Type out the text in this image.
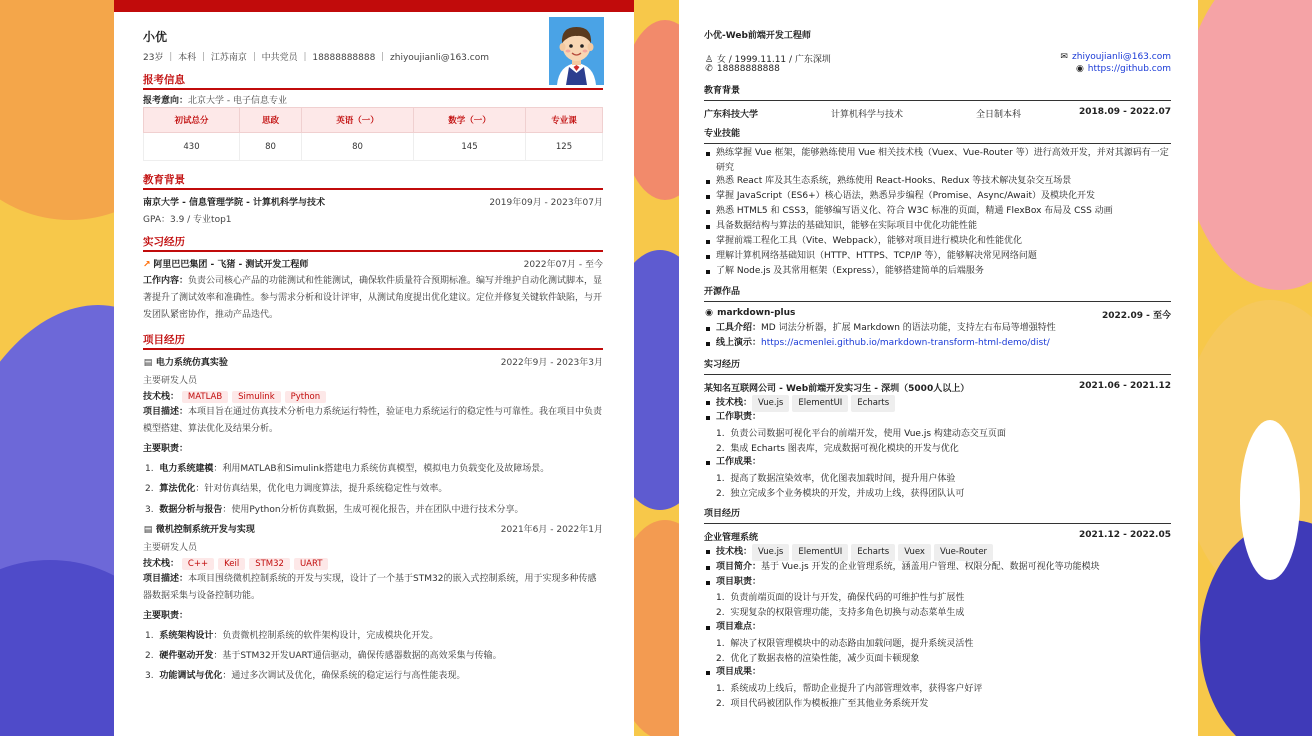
小优
23岁 ｜ 本科 ｜ 江苏南京 ｜ 中共党员 ｜ 18888888888 ｜ zhiyoujianli@163.com
报考信息
报考意向：北京大学 - 电子信息专业
初试总分	思政	英语（一）	数学（一）	专业课
430	80	80	145	125
教育背景
南京大学 - 信息管理学院 - 计算机科学与技术	2019年09月 - 2023年07月
GPA：3.9 / 专业top1
实习经历
↗ 阿里巴巴集团 - 飞猪 - 测试开发工程师	2022年07月 - 至今
工作内容：负责公司核心产品的功能测试和性能测试，确保软件质量符合预期标准。编写并维护自动化测试脚本，显著提升了测试效率和准确性。参与需求分析和设计评审，从测试角度提出优化建议。定位并修复关键软件缺陷，与开发团队紧密协作，推动产品迭代。
项目经历
▤ 电力系统仿真实验	2022年9月 - 2023年3月
主要研发人员
技术栈： MATLAB Simulink Python
项目描述：本项目旨在通过仿真技术分析电力系统运行特性，验证电力系统运行的稳定性与可靠性。我在项目中负责模型搭建、算法优化及结果分析。
主要职责：
1.  电力系统建模：利用MATLAB和Simulink搭建电力系统仿真模型，模拟电力负载变化及故障场景。
2.  算法优化：针对仿真结果，优化电力调度算法，提升系统稳定性与效率。
3.  数据分析与报告：使用Python分析仿真数据，生成可视化报告，并在团队中进行技术分享。
▤ 微机控制系统开发与实现	2021年6月 - 2022年1月
主要研发人员
技术栈： C++ Keil STM32 UART
项目描述：本项目围绕微机控制系统的开发与实现，设计了一个基于STM32的嵌入式控制系统，用于实现多种传感器数据采集与设备控制功能。
主要职责：
1.  系统架构设计：负责微机控制系统的软件架构设计，完成模块化开发。
2.  硬件驱动开发：基于STM32开发UART通信驱动，确保传感器数据的高效采集与传输。
3.  功能调试与优化：通过多次调试及优化，确保系统的稳定运行与高性能表现。
小优-Web前端开发工程师
♙ 女 / 1999.11.11 / 广东深圳
✆ 18888888888
✉ zhiyoujianli@163.com
◉ https://github.com
教育背景
广东科技大学	计算机科学与技术	全日制本科	2018.09 - 2022.07
专业技能
熟练掌握 Vue 框架，能够熟练使用 Vue 相关技术栈（Vuex、Vue-Router 等）进行高效开发，并对其源码有一定研究
熟悉 React 库及其生态系统，熟练使用 React-Hooks、Redux 等技术解决复杂交互场景
掌握 JavaScript（ES6+）核心语法，熟悉异步编程（Promise、Async/Await）及模块化开发
熟悉 HTML5 和 CSS3，能够编写语义化、符合 W3C 标准的页面，精通 FlexBox 布局及 CSS 动画
具备数据结构与算法的基础知识，能够在实际项目中优化功能性能
掌握前端工程化工具（Vite、Webpack），能够对项目进行模块化和性能优化
理解计算机网络基础知识（HTTP、HTTPS、TCP/IP 等），能够解决常见网络问题
了解 Node.js 及其常用框架（Express），能够搭建简单的后端服务
开源作品
◉ markdown-plus	2022.09 - 至今
工具介绍：MD 词法分析器，扩展 Markdown 的语法功能，支持左右布局等增强特性
线上演示：https://acmenlei.github.io/markdown-transform-html-demo/dist/
实习经历
某知名互联网公司 - Web前端开发实习生 - 深圳（5000人以上）	2021.06 - 2021.12
技术栈： Vue.js ElementUI Echarts
工作职责：
1.  负责公司数据可视化平台的前端开发，使用 Vue.js 构建动态交互页面
2.  集成 Echarts 图表库，完成数据可视化模块的开发与优化
工作成果：
1.  提高了数据渲染效率，优化图表加载时间，提升用户体验
2.  独立完成多个业务模块的开发，并成功上线，获得团队认可
项目经历
企业管理系统	2021.12 - 2022.05
技术栈： Vue.js ElementUI Echarts Vuex Vue-Router
项目简介：基于 Vue.js 开发的企业管理系统，涵盖用户管理、权限分配、数据可视化等功能模块
项目职责：
1.  负责前端页面的设计与开发，确保代码的可维护性与扩展性
2.  实现复杂的权限管理功能，支持多角色切换与动态菜单生成
项目难点：
1.  解决了权限管理模块中的动态路由加载问题，提升系统灵活性
2.  优化了数据表格的渲染性能，减少页面卡顿现象
项目成果：
1.  系统成功上线后，帮助企业提升了内部管理效率，获得客户好评
2.  项目代码被团队作为模板推广至其他业务系统开发
